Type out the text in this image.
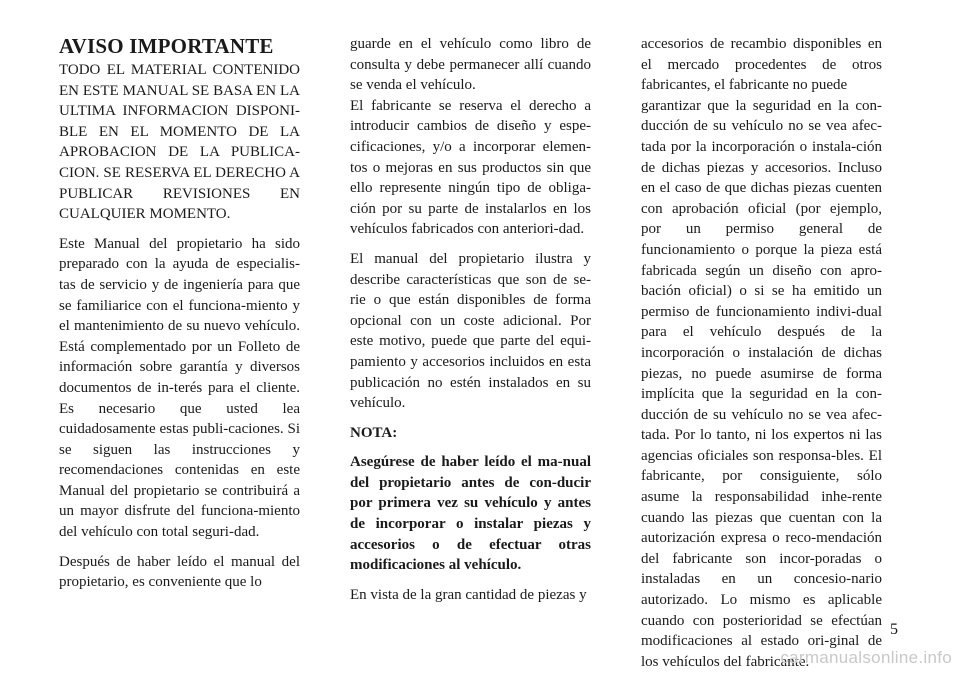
AVISO IMPORTANTE
TODO EL MATERIAL CONTENIDO EN ESTE MANUAL SE BASA EN LA ULTIMA INFORMACION DISPONI-BLE EN EL MOMENTO DE LA APROBACION DE LA PUBLICA-CION. SE RESERVA EL DERECHO A PUBLICAR REVISIONES EN CUALQUIER MOMENTO.

Este Manual del propietario ha sido preparado con la ayuda de especialis-tas de servicio y de ingeniería para que se familiarice con el funciona-miento y el mantenimiento de su nuevo vehículo. Está complementado por un Folleto de información sobre garantía y diversos documentos de in-terés para el cliente. Es necesario que usted lea cuidadosamente estas publi-caciones. Si se siguen las instrucciones y recomendaciones contenidas en este Manual del propietario se contribuirá a un mayor disfrute del funciona-miento del vehículo con total seguri-dad.

Después de haber leído el manual del propietario, es conveniente que lo

guarde en el vehículo como libro de consulta y debe permanecer allí cuando se venda el vehículo.

El fabricante se reserva el derecho a introducir cambios de diseño y espe-cificaciones, y/o a incorporar elemen-tos o mejoras en sus productos sin que ello represente ningún tipo de obliga-ción por su parte de instalarlos en los vehículos fabricados con anteriori-dad.

El manual del propietario ilustra y describe características que son de se-rie o que están disponibles de forma opcional con un coste adicional. Por este motivo, puede que parte del equi-pamiento y accesorios incluidos en esta publicación no estén instalados en su vehículo.

NOTA:

Asegúrese de haber leído el ma-nual del propietario antes de con-ducir por primera vez su vehículo y antes de incorporar o instalar piezas y accesorios o de efectuar otras modificaciones al vehículo.

En vista de la gran cantidad de piezas y

accesorios de recambio disponibles en el mercado procedentes de otros fabricantes, el fabricante no puede

garantizar que la seguridad en la con-ducción de su vehículo no se vea afec-tada por la incorporación o instala-ción de dichas piezas y accesorios. Incluso en el caso de que dichas piezas cuenten con aprobación oficial (por ejemplo, por un permiso general de funcionamiento o porque la pieza está fabricada según un diseño con apro-bación oficial) o si se ha emitido un permiso de funcionamiento indivi-dual para el vehículo después de la incorporación o instalación de dichas piezas, no puede asumirse de forma implícita que la seguridad en la con-ducción de su vehículo no se vea afec-tada. Por lo tanto, ni los expertos ni las agencias oficiales son responsa-bles. El fabricante, por consiguiente, sólo asume la responsabilidad inhe-rente cuando las piezas que cuentan con la autorización expresa o reco-mendación del fabricante son incor-poradas o instaladas en un concesio-nario autorizado. Lo mismo es aplicable cuando con posterioridad se efectúan modificaciones al estado ori-ginal de los vehículos del fabricante.

5
carmanualsonline.info
